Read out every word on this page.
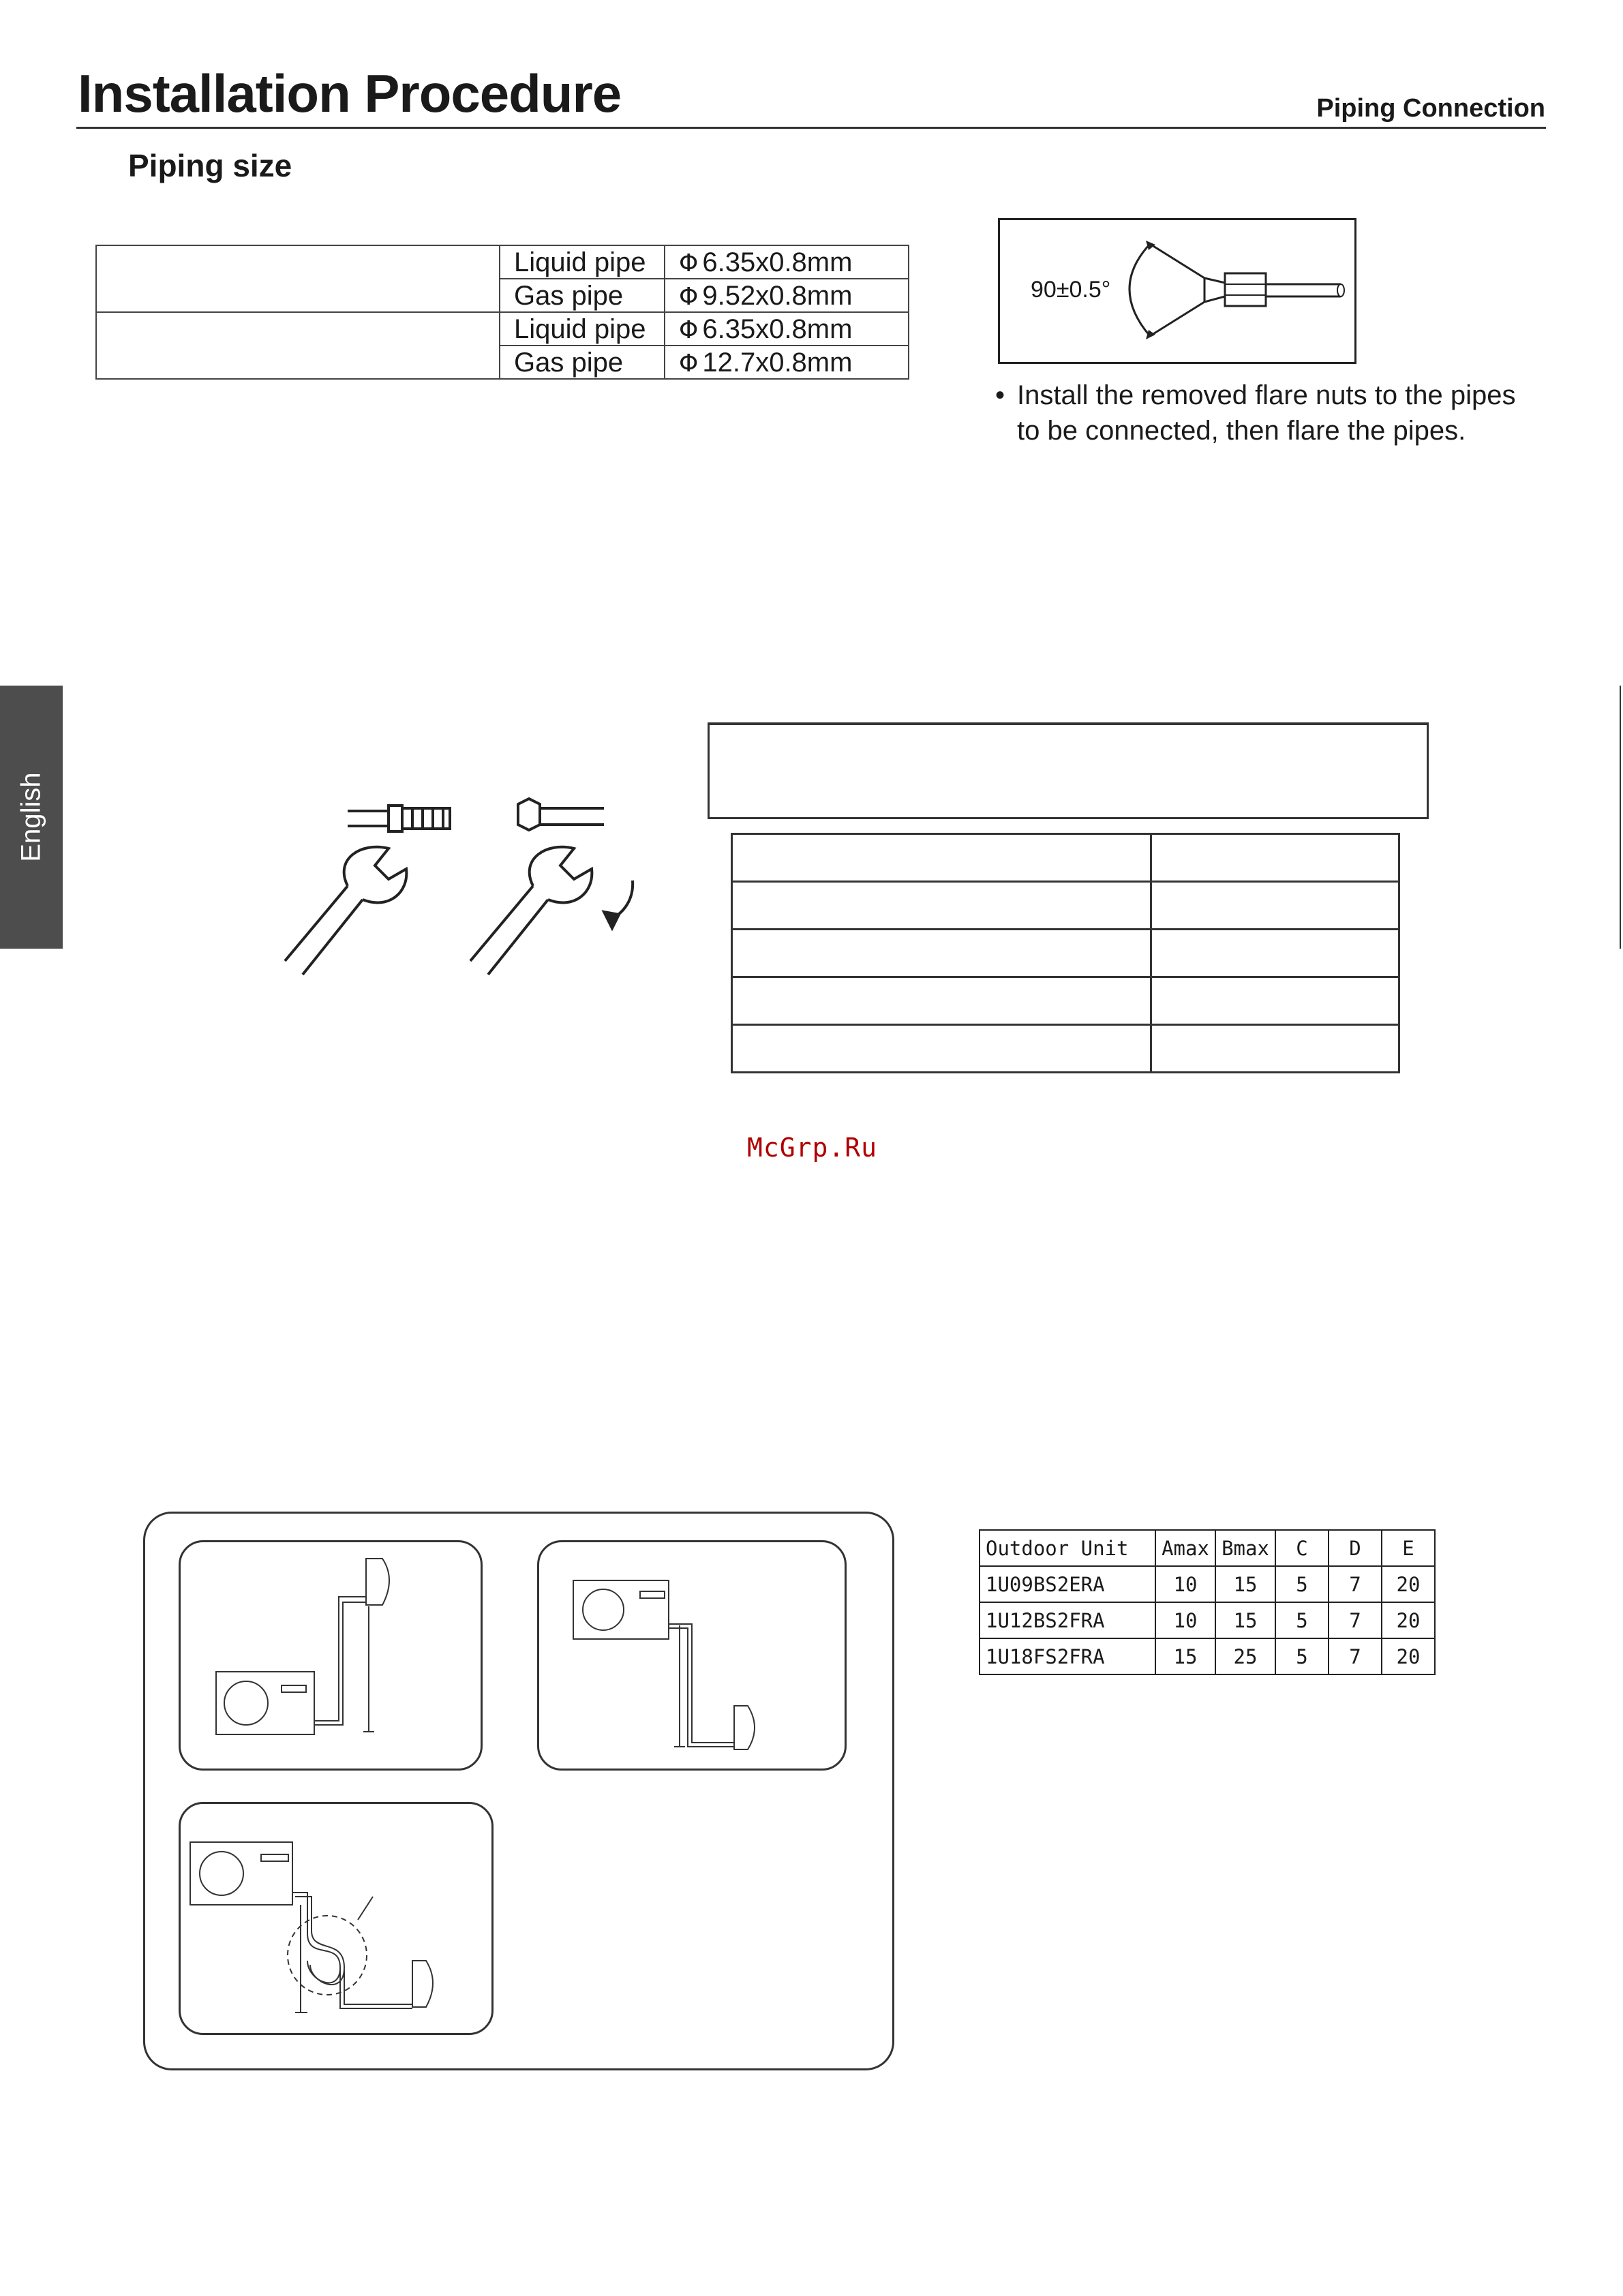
Installation Procedure	Piping Connection
Piping size
	Liquid pipe	Φ 6.35x0.8mm
	Gas pipe	Φ 9.52x0.8mm
	Liquid pipe	Φ 6.35x0.8mm
	Gas pipe	Φ 12.7x0.8mm
90±0.5°
• Install the removed flare nuts to the pipes to be connected, then flare the pipes.
English

McGrp.Ru
Outdoor Unit	Amax	Bmax	C	D	E
1U09BS2ERA	10	15	5	7	20
1U12BS2FRA	10	15	5	7	20
1U18FS2FRA	15	25	5	7	20
